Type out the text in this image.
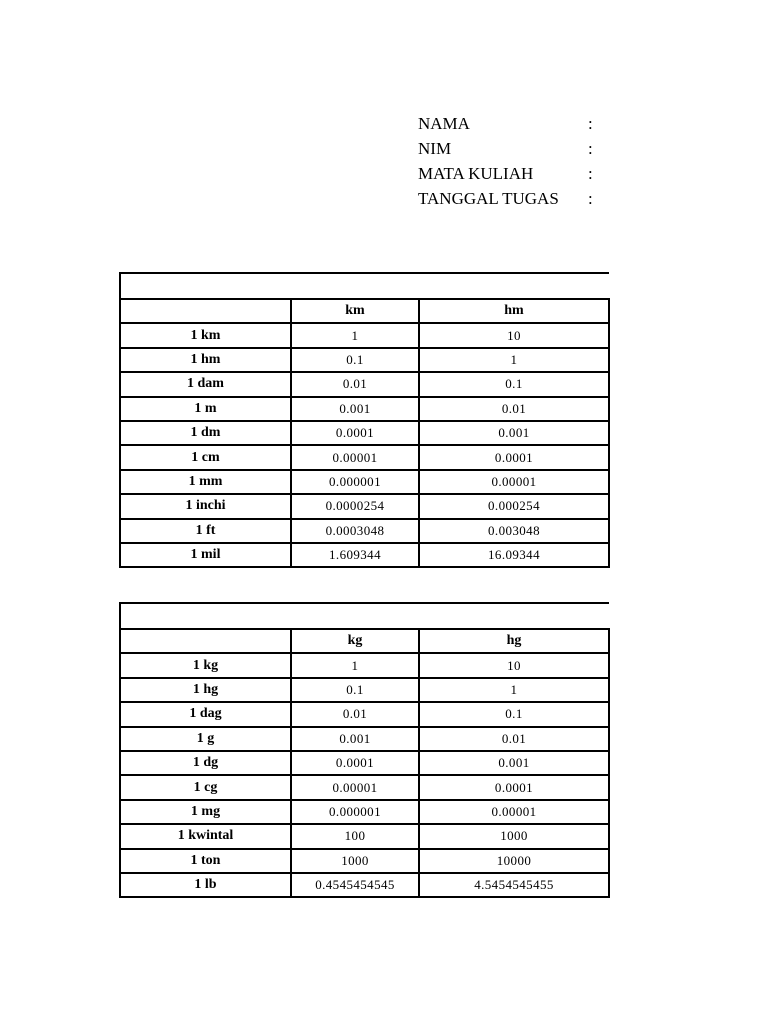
NAMA	:
NIM	:
MATA KULIAH	:
TANGGAL TUGAS	:

	km	hm
1 km	1	10
1 hm	0.1	1
1 dam	0.01	0.1
1 m	0.001	0.01
1 dm	0.0001	0.001
1 cm	0.00001	0.0001
1 mm	0.000001	0.00001
1 inchi	0.0000254	0.000254
1 ft	0.0003048	0.003048
1 mil	1.609344	16.09344

	kg	hg
1 kg	1	10
1 hg	0.1	1
1 dag	0.01	0.1
1 g	0.001	0.01
1 dg	0.0001	0.001
1 cg	0.00001	0.0001
1 mg	0.000001	0.00001
1 kwintal	100	1000
1 ton	1000	10000
1 lb	0.4545454545	4.5454545455
